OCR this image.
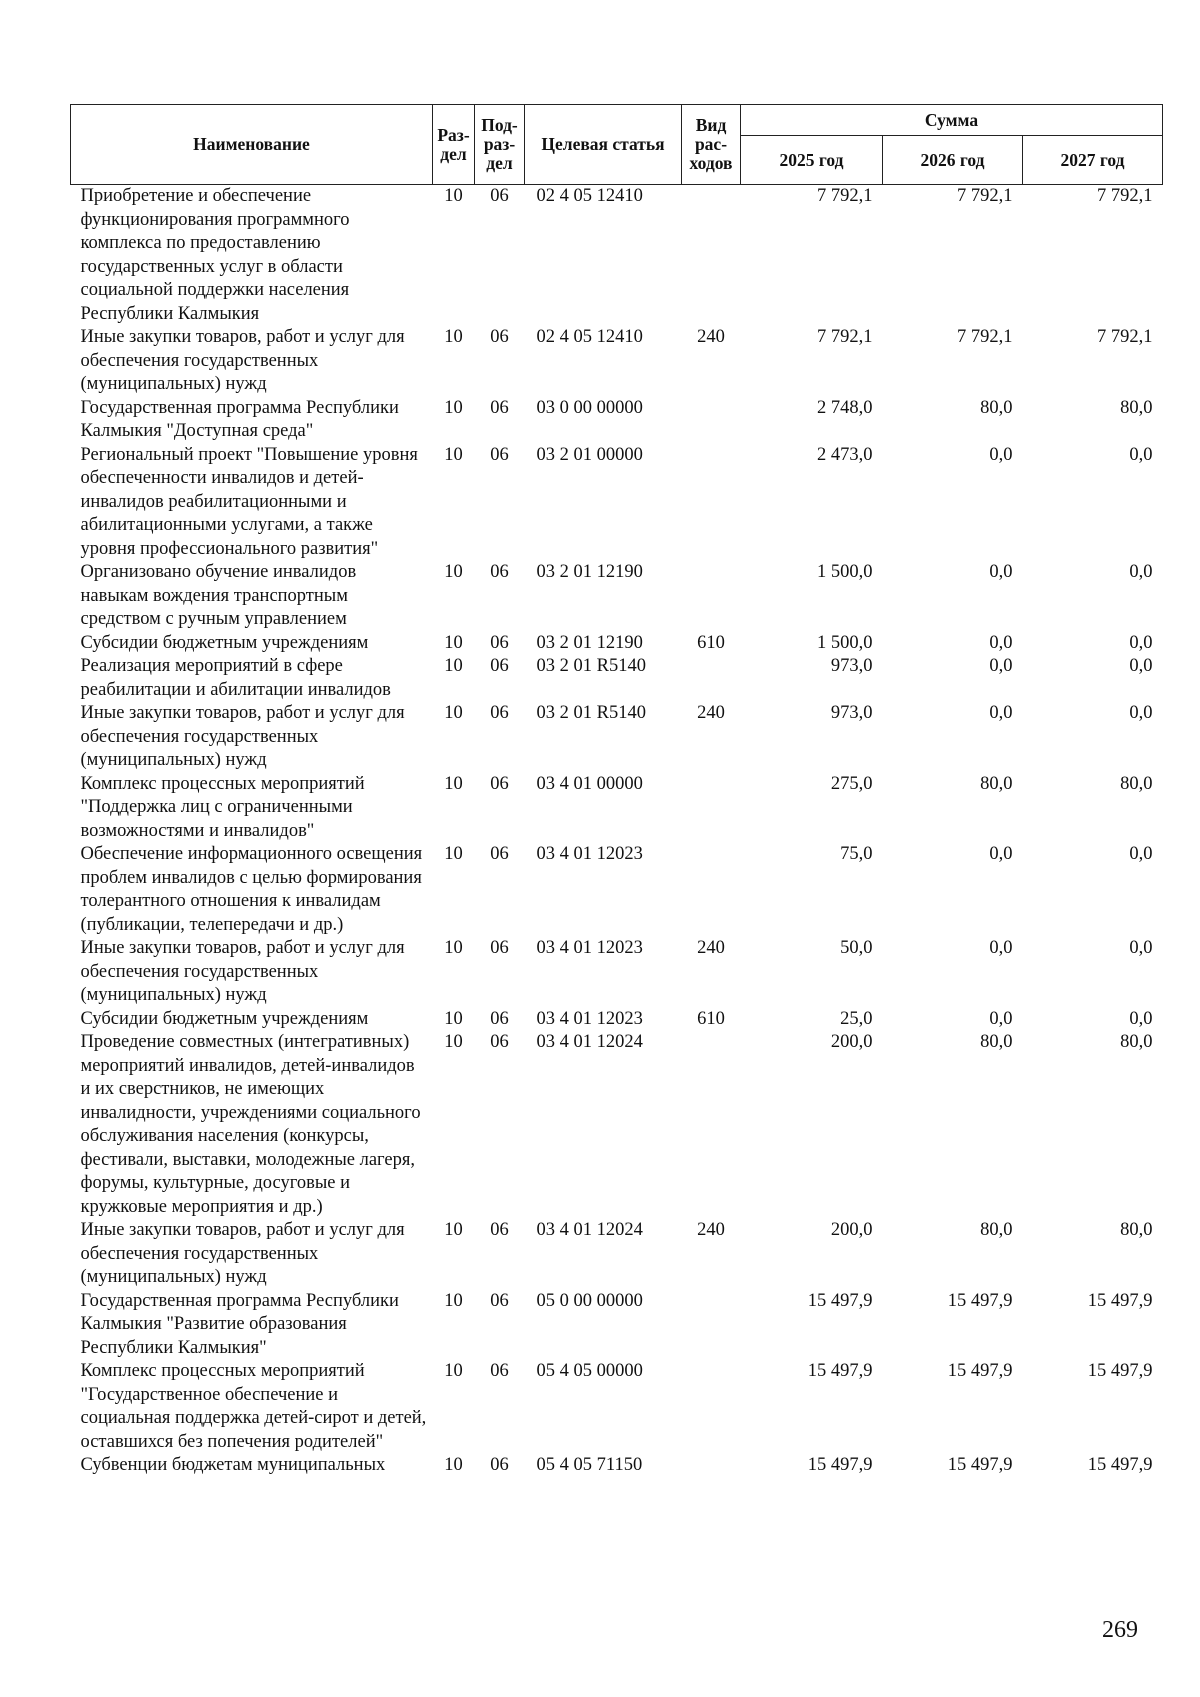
Наименование	Раз-дел	Под-раз-дел	Целевая статья	Вид рас-ходов	Сумма		
					2025 год	2026 год	2027 год
Приобретение и обеспечение функционирования программного комплекса по предоставлению государственных услуг в области социальной поддержки населения Республики Калмыкия	10	06	02 4 05 12410		7 792,1	7 792,1	7 792,1
Иные закупки товаров, работ и услуг для обеспечения государственных (муниципальных) нужд	10	06	02 4 05 12410	240	7 792,1	7 792,1	7 792,1
Государственная программа Республики Калмыкия "Доступная среда"	10	06	03 0 00 00000		2 748,0	80,0	80,0
Региональный проект "Повышение уровня обеспеченности инвалидов и детей-инвалидов реабилитационными и абилитационными услугами, а также уровня профессионального развития"	10	06	03 2 01 00000		2 473,0	0,0	0,0
Организовано обучение инвалидов навыкам вождения транспортным средством с ручным управлением	10	06	03 2 01 12190		1 500,0	0,0	0,0
Субсидии бюджетным учреждениям	10	06	03 2 01 12190	610	1 500,0	0,0	0,0
Реализация мероприятий в сфере реабилитации и абилитации инвалидов	10	06	03 2 01 R5140		973,0	0,0	0,0
Иные закупки товаров, работ и услуг для обеспечения государственных (муниципальных) нужд	10	06	03 2 01 R5140	240	973,0	0,0	0,0
Комплекс процессных мероприятий "Поддержка лиц с ограниченными возможностями и инвалидов"	10	06	03 4 01 00000		275,0	80,0	80,0
Обеспечение информационного освещения проблем инвалидов с целью формирования толерантного отношения к инвалидам (публикации, телепередачи и др.)	10	06	03 4 01 12023		75,0	0,0	0,0
Иные закупки товаров, работ и услуг для обеспечения государственных (муниципальных) нужд	10	06	03 4 01 12023	240	50,0	0,0	0,0
Субсидии бюджетным учреждениям	10	06	03 4 01 12023	610	25,0	0,0	0,0
Проведение совместных (интегративных) мероприятий инвалидов, детей-инвалидов и их сверстников, не имеющих инвалидности, учреждениями социального обслуживания населения (конкурсы, фестивали, выставки, молодежные лагеря, форумы, культурные, досуговые и кружковые мероприятия и др.)	10	06	03 4 01 12024		200,0	80,0	80,0
Иные закупки товаров, работ и услуг для обеспечения государственных (муниципальных) нужд	10	06	03 4 01 12024	240	200,0	80,0	80,0
Государственная программа Республики Калмыкия "Развитие образования Республики Калмыкия"	10	06	05 0 00 00000		15 497,9	15 497,9	15 497,9
Комплекс процессных мероприятий "Государственное обеспечение и социальная поддержка детей-сирот и детей, оставшихся без попечения родителей"	10	06	05 4 05 00000		15 497,9	15 497,9	15 497,9
Субвенции бюджетам муниципальных	10	06	05 4 05 71150		15 497,9	15 497,9	15 497,9
269
